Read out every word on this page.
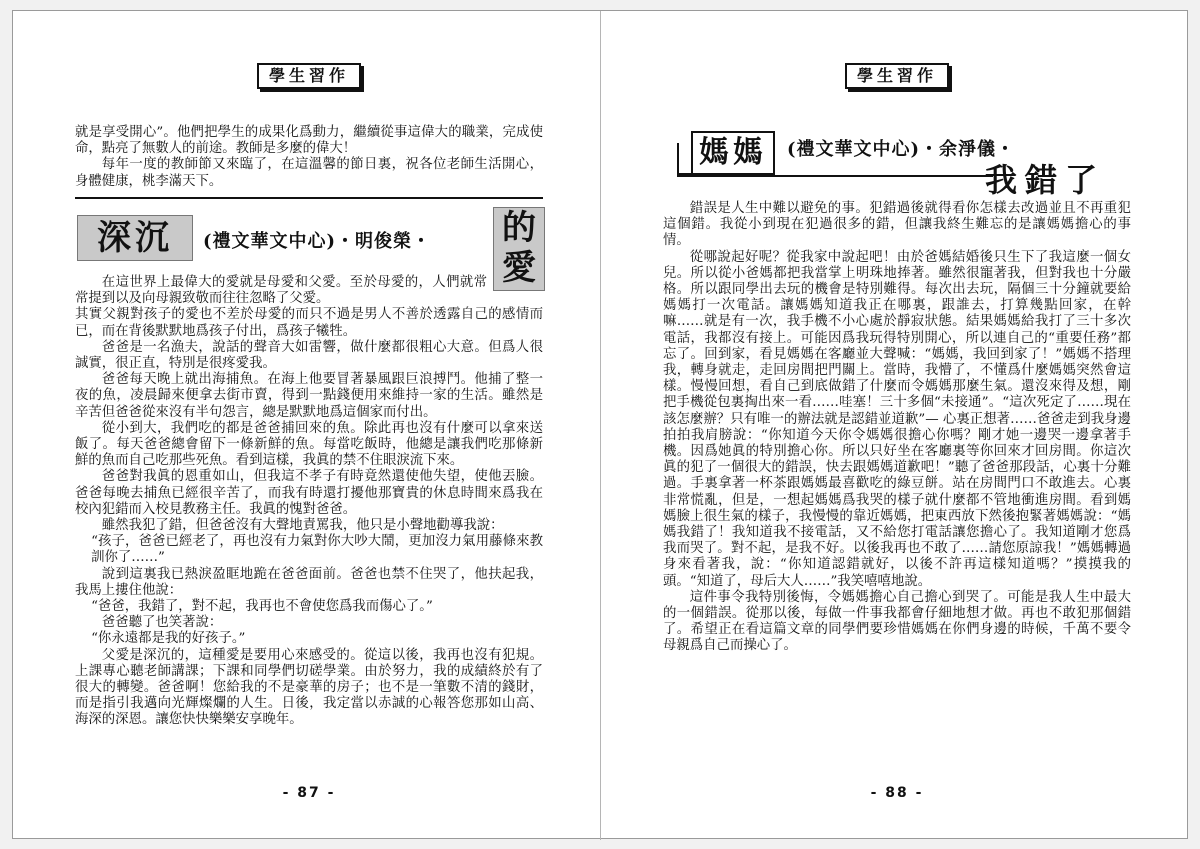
學生習作

就是享受開心”。他們把學生的成果化爲動力，繼續從事這偉大的職業，完成使命，點亮了無數人的前途。教師是多麼的偉大！

每年一度的教師節又來臨了，在這溫馨的節日裏，祝各位老師生活開心，身體健康，桃李滿天下。

深沉	(禮文華文中心)・明俊榮・ 的愛

在這世界上最偉大的愛就是母愛和父愛。至於母愛的，人們就常常提到以及向母親致敬而往往忽略了父愛。

其實父親對孩子的愛也不差於母愛的而只不過是男人不善於透露自己的感情而已，而在背後默默地爲孩子付出，爲孩子犧牲。

爸爸是一名漁夫，說話的聲音大如雷響，做什麼都很粗心大意。但爲人很誠實，很正直，特別是很疼愛我。

爸爸每天晚上就出海捕魚。在海上他要冒著暴風跟巨浪搏鬥。他捕了整一夜的魚，凌晨歸來便拿去街市賣，得到一點錢便用來維持一家的生活。雖然是辛苦但爸爸從來沒有半句怨言，總是默默地爲這個家而付出。

從小到大，我們吃的都是爸爸捕回來的魚。除此再也沒有什麼可以拿來送飯了。每天爸爸總會留下一條新鮮的魚。每當吃飯時，他總是讓我們吃那條新鮮的魚而自己吃那些死魚。看到這樣，我眞的禁不住眼淚流下來。

爸爸對我眞的恩重如山，但我這不孝子有時竟然還使他失望，使他丟臉。爸爸每晚去捕魚已經很辛苦了，而我有時還打擾他那寶貴的休息時間來爲我在校內犯錯而入校見教務主任。我眞的愧對爸爸。

雖然我犯了錯，但爸爸沒有大聲地責罵我，他只是小聲地勸導我說：

“孩子，爸爸已經老了，再也沒有力氣對你大吵大鬧，更加沒力氣用藤條來教訓你了……”

說到這裏我已熱淚盈眶地跪在爸爸面前。爸爸也禁不住哭了，他扶起我，我馬上摟住他說：

“爸爸，我錯了，對不起，我再也不會使您爲我而傷心了。”

爸爸聽了也笑著說：

“你永遠都是我的好孩子。”

父愛是深沉的，這種愛是要用心來感受的。從這以後，我再也沒有犯規。上課專心聽老師講課；下課和同學們切磋學業。由於努力，我的成績終於有了很大的轉變。爸爸啊！您給我的不是豪華的房子；也不是一筆數不清的錢財，而是指引我邁向光輝燦爛的人生。日後，我定當以赤誠的心報答您那如山高、海深的深恩。讓您快快樂樂安享晚年。

- 87 -
學生習作
媽媽	(禮文華文中心)・余淨儀・
我錯了

錯誤是人生中難以避免的事。犯錯過後就得看你怎樣去改過並且不再重犯這個錯。我從小到現在犯過很多的錯，但讓我終生難忘的是讓媽媽擔心的事情。

從哪說起好呢？從我家中說起吧！由於爸媽結婚後只生下了我這麼一個女兒。所以從小爸媽都把我當掌上明珠地捧著。雖然很寵著我，但對我也十分嚴格。所以跟同學出去玩的機會是特別難得。每次出去玩，隔個三十分鐘就要給媽媽打一次電話。讓媽媽知道我正在哪裏，跟誰去，打算幾點回家，在幹嘛……就是有一次，我手機不小心處於靜寂狀態。結果媽媽給我打了三十多次電話，我都沒有接上。可能因爲我玩得特別開心，所以連自己的“重要任務”都忘了。回到家，看見媽媽在客廳並大聲喊：“媽媽，我回到家了！”媽媽不搭理我，轉身就走，走回房間把門關上。當時，我懵了，不懂爲什麼媽媽突然會這樣。慢慢回想，看自己到底做錯了什麼而令媽媽那麼生氣。還沒來得及想，剛把手機從包裏掏出來一看……哇塞！三十多個“未接通”。“這次死定了……現在該怎麼辦？只有唯一的辦法就是認錯並道歉”— 心裏正想著……爸爸走到我身邊拍拍我肩膀說：“你知道今天你令媽媽很擔心你嗎？剛才她一邊哭一邊拿著手機。因爲她眞的特別擔心你。所以只好坐在客廳裏等你回來才回房間。你這次眞的犯了一個很大的錯誤，快去跟媽媽道歉吧！”聽了爸爸那段話，心裏十分難過。手裏拿著一杯茶跟媽媽最喜歡吃的綠豆餅。站在房間門口不敢進去。心裏非常慌亂，但是，一想起媽媽爲我哭的樣子就什麼都不管地衝進房間。看到媽媽臉上很生氣的樣子，我慢慢的靠近媽媽，把東西放下然後抱緊著媽媽說：“媽媽我錯了！我知道我不接電話，又不給您打電話讓您擔心了。我知道剛才您爲我而哭了。對不起，是我不好。以後我再也不敢了……請您原諒我！”媽媽轉過身來看著我，說：“你知道認錯就好，以後不許再這樣知道嗎？”摸摸我的頭。“知道了，母后大人……”我笑嘻嘻地說。

這件事令我特別後悔，令媽媽擔心自己擔心到哭了。可能是我人生中最大的一個錯誤。從那以後，每做一件事我都會仔細地想才做。再也不敢犯那個錯了。希望正在看這篇文章的同學們要珍惜媽媽在你們身邊的時候，千萬不要令母親爲自己而操心了。

- 88 -
